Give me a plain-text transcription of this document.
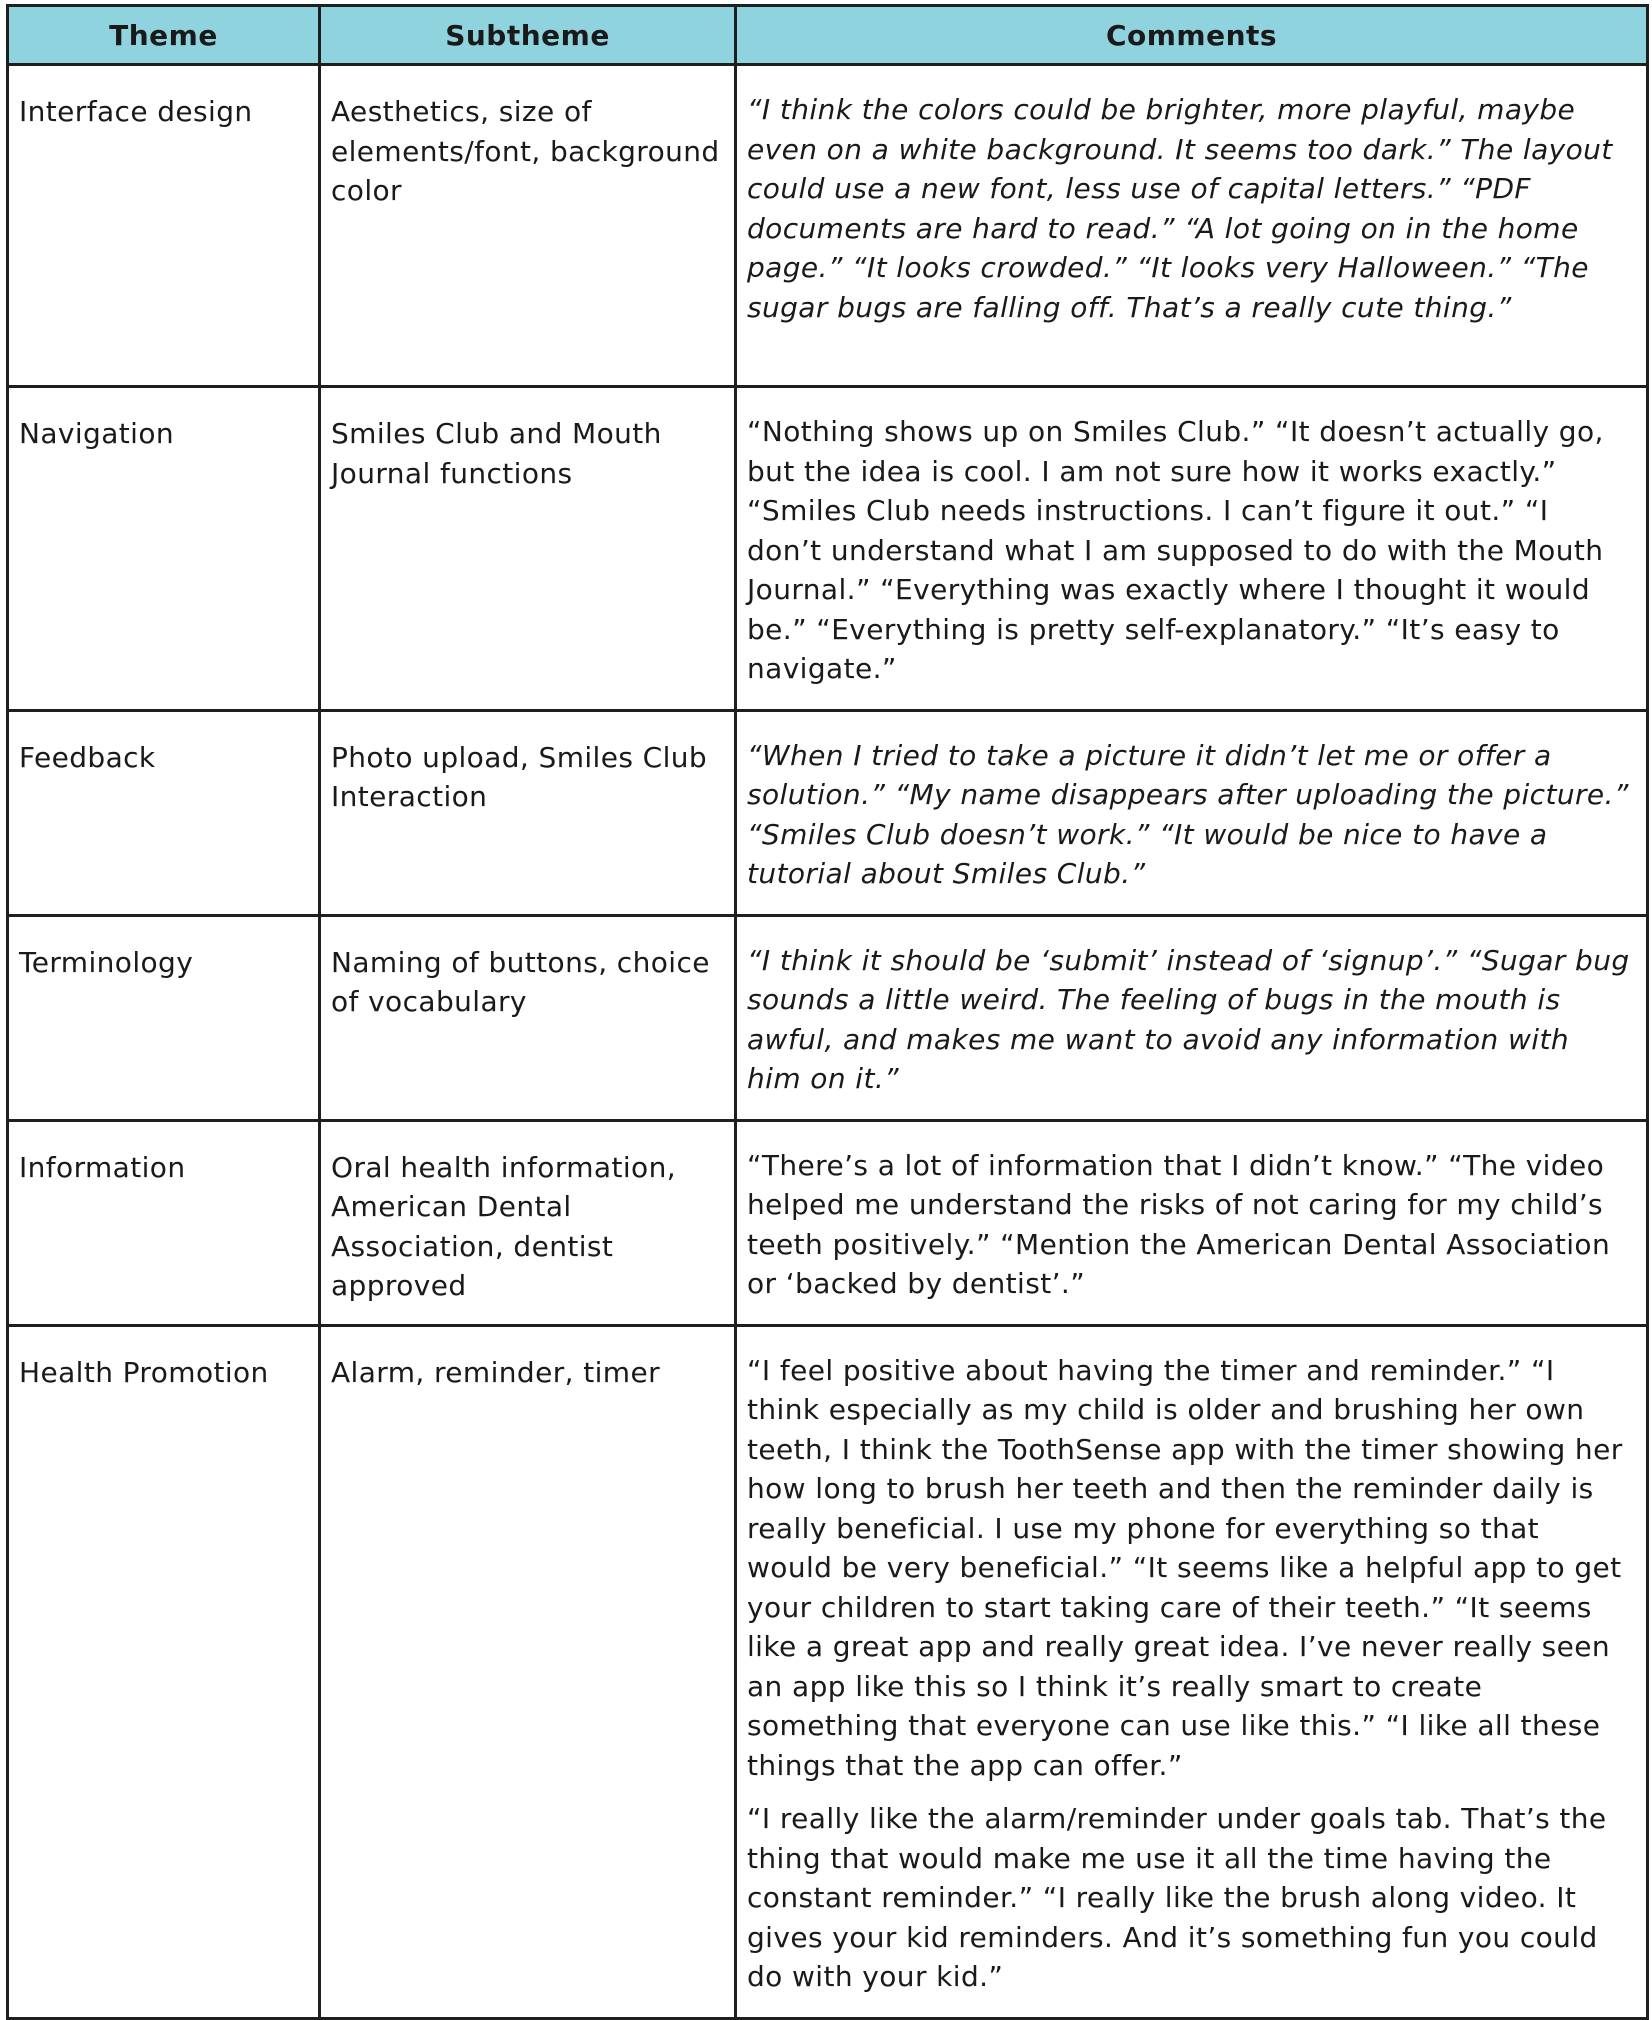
Theme	Subtheme	Comments
Interface design	Aesthetics, size of elements/font, background color	“I think the colors could be brighter, more playful, maybe even on a white background. It seems too dark.” The layout could use a new font, less use of capital letters.” “PDF documents are hard to read.” “A lot going on in the home page.” “It looks crowded.” “It looks very Halloween.” “The sugar bugs are falling off. That’s a really cute thing.”

Navigation	Smiles Club and Mouth Journal functions	“Nothing shows up on Smiles Club.” “It doesn’t actually go, but the idea is cool. I am not sure how it works exactly.” “Smiles Club needs instructions. I can’t figure it out.” “I don’t understand what I am supposed to do with the Mouth Journal.” “Everything was exactly where I thought it would be.” “Everything is pretty self-explanatory.” “It’s easy to navigate.”

Feedback	Photo upload, Smiles Club Interaction	“When I tried to take a picture it didn’t let me or offer a solution.” “My name disappears after uploading the picture.” “Smiles Club doesn’t work.” “It would be nice to have a tutorial about Smiles Club.”

Terminology	Naming of buttons, choice of vocabulary	“I think it should be ‘submit’ instead of ‘signup’.” “Sugar bug sounds a little weird. The feeling of bugs in the mouth is awful, and makes me want to avoid any information with him on it.”

Information	Oral health information, American Dental Association, dentist approved	“There’s a lot of information that I didn’t know.” “The video helped me understand the risks of not caring for my child’s teeth positively.” “Mention the American Dental Association or ‘backed by dentist’.”

Health Promotion	Alarm, reminder, timer	“I feel positive about having the timer and reminder.” “I think especially as my child is older and brushing her own teeth, I think the ToothSense app with the timer showing her how long to brush her teeth and then the reminder daily is really beneficial. I use my phone for everything so that would be very beneficial.” “It seems like a helpful app to get your children to start taking care of their teeth.” “It seems like a great app and really great idea. I’ve never really seen an app like this so I think it’s really smart to create something that everyone can use like this.” “I like all these things that the app can offer.”

“I really like the alarm/reminder under goals tab. That’s the thing that would make me use it all the time having the constant reminder.” “I really like the brush along video. It gives your kid reminders. And it’s something fun you could do with your kid.”
